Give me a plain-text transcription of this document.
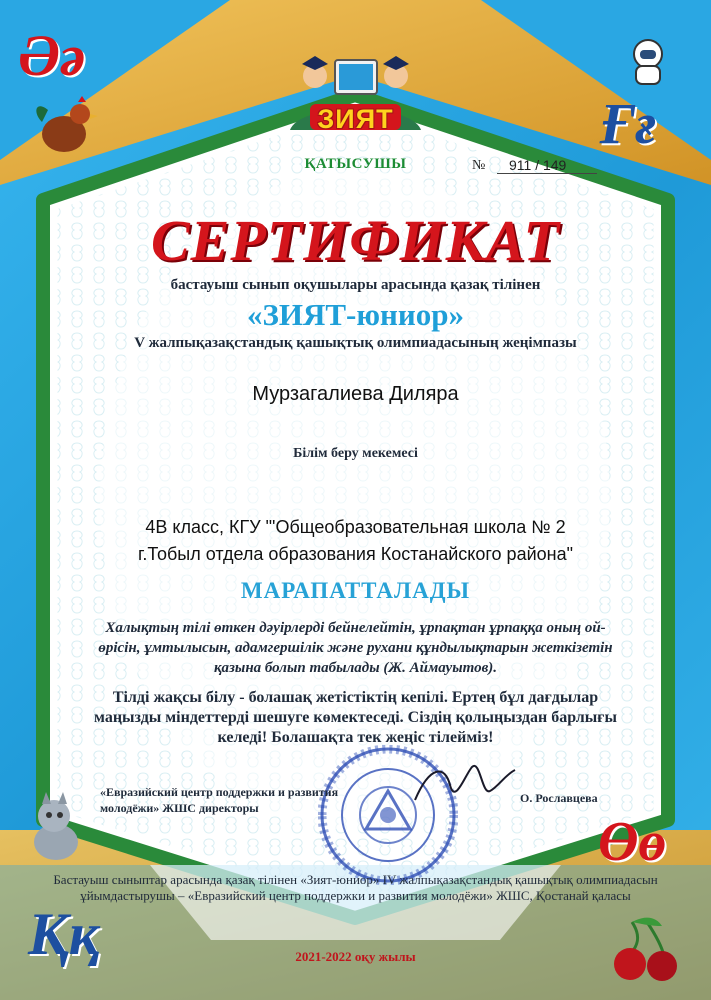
Әә
Ғғ
Өө
Ққ
ЗИЯТ
ҚАТЫСУШЫ	№	911 / 149
СЕРТИФИКАТ
бастауыш сынып оқушылары арасында қазақ тілінен
«ЗИЯТ-юниор»
V жалпықазақстандық қашықтық олимпиадасының жеңімпазы
Мурзагалиева Диляра
Білім беру мекемесі
4В класс, КГУ "'Общеобразовательная школа № 2
г.Тобыл отдела образования Костанайского района"
МАРАПАТТАЛАДЫ
Халықтың тілі өткен дәуірлерді бейнелейтін, ұрпақтан ұрпаққа оның ой-өрісін, ұмтылысын, адамгершілік және рухани құндылықтарын жеткізетін қазына болып табылады (Ж. Аймауытов).
Тілді жақсы білу - болашақ жетістіктің кепілі. Ертең бұл дағдылар маңызды міндеттерді шешуге көмектеседі. Сіздің қолыңыздан барлығы келеді! Болашақта тек жеңіс тілейміз!
«Евразийский центр поддержки и развития молодёжи» ЖШС директоры
О. Рославцева
Бастауыш сыныптар арасында қазақ тілінен «Зият-юниор» IV жалпықазақстандық қашықтық олимпиадасын ұйымдастырушы – «Евразийский центр поддержки и развития молодёжи» ЖШС, Қостанай қаласы
2021-2022 оқу жылы
